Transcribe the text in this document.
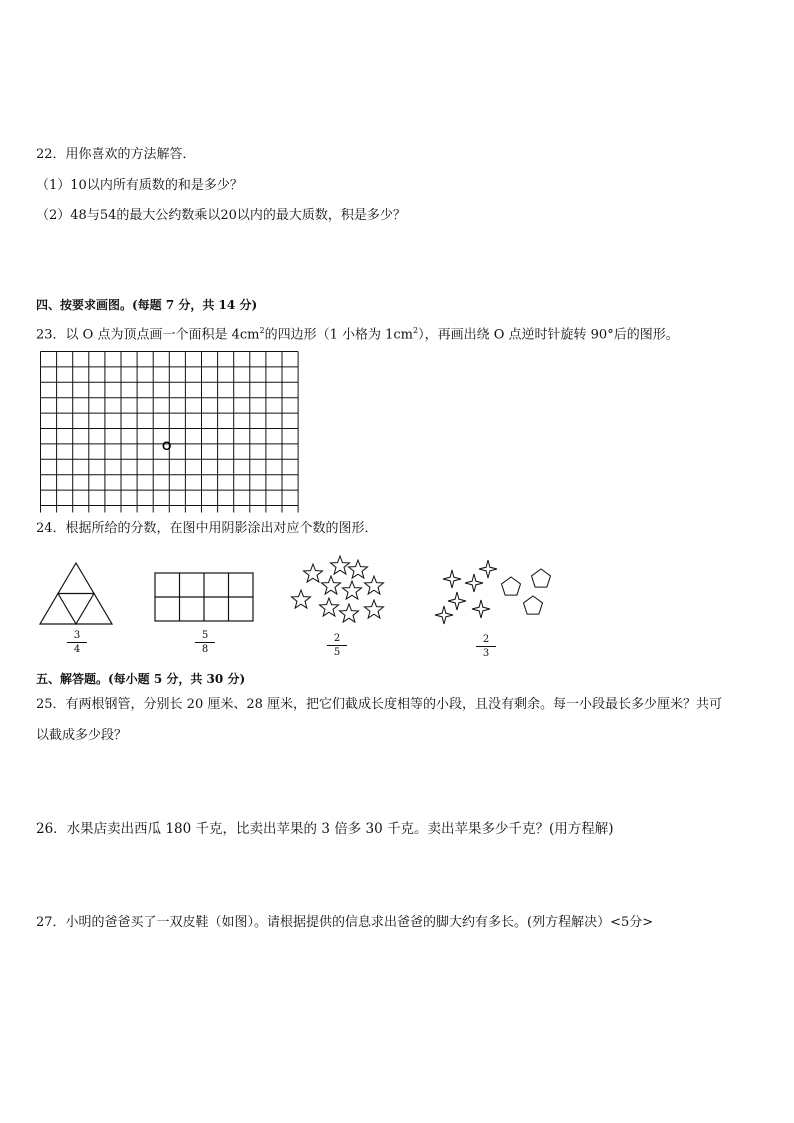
22．用你喜欢的方法解答．
（1）10以内所有质数的和是多少？
（2）48与54的最大公约数乘以20以内的最大质数，积是多少？
四、按要求画图。(每题 7 分，共 14 分)
23．以 O 点为顶点画一个面积是 $4cm^2$的四边形（1 小格为 $1cm^2$），再画出绕 O 点逆时针旋转 90°后的图形。
O
24．根据所给的分数，在图中用阴影涂出对应个数的图形．
$\frac{3}{4}$	$\frac{5}{8}$	$\frac{2}{5}$	$\frac{2}{3}$
五、解答题。(每小题 5 分，共 30 分)
25．有两根钢管，分别长 20 厘米、28 厘米，把它们截成长度相等的小段，且没有剩余。每一小段最长多少厘米？共可
以截成多少段？
26．水果店卖出西瓜 180 千克，比卖出苹果的 3 倍多 30 千克。卖出苹果多少千克？(用方程解)
27．小明的爸爸买了一双皮鞋（如图）。请根据提供的信息求出爸爸的脚大约有多长。(列方程解决）<5分>
